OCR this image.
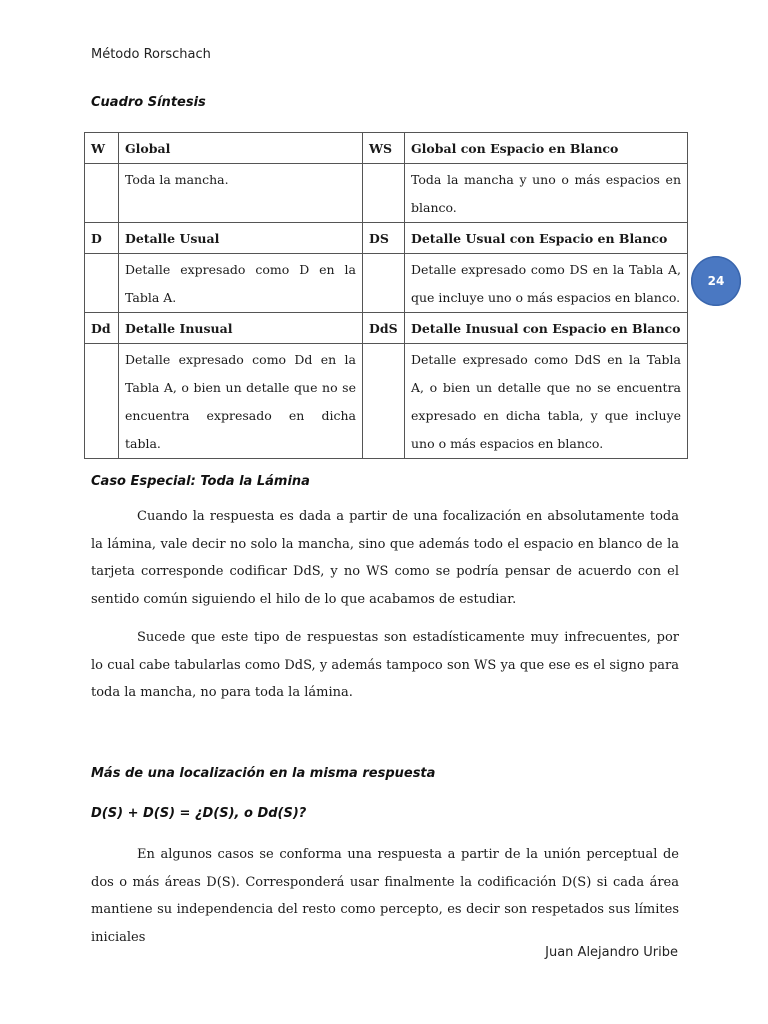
Método Rorschach
Cuadro Síntesis
24
W	Global	WS	Global con Espacio en Blanco
	Toda la mancha.		Toda la mancha y uno o más espacios en blanco.
D	Detalle Usual	DS	Detalle Usual con Espacio en Blanco
	Detalle expresado como D en la Tabla A.		Detalle expresado como DS en la Tabla A, que incluye uno o más espacios en blanco.
Dd	Detalle Inusual	DdS	Detalle Inusual con Espacio en Blanco
	Detalle expresado como Dd en la Tabla A, o bien un detalle que no se encuentra expresado en dicha tabla.		Detalle expresado como DdS en la Tabla A, o bien un detalle que no se encuentra expresado en dicha tabla, y que incluye uno o más espacios en blanco.
Caso Especial: Toda la Lámina

Cuando la respuesta es dada a partir de una focalización en absolutamente toda la lámina, vale decir no solo la mancha, sino que además todo el espacio en blanco de la tarjeta corresponde codificar DdS, y no WS como se podría pensar de acuerdo con el sentido común siguiendo el hilo de lo que acabamos de estudiar.

Sucede que este tipo de respuestas son estadísticamente muy infrecuentes, por lo cual cabe tabularlas como DdS, y además tampoco son WS ya que ese es el signo para toda la mancha, no para toda la lámina.

Más de una localización en la misma respuesta
D(S) + D(S) = ¿D(S), o Dd(S)?

En algunos casos se conforma una respuesta a partir de la unión perceptual de dos o más áreas D(S). Corresponderá usar finalmente la codificación D(S) si cada área mantiene su independencia del resto como percepto, es decir son respetados sus límites iniciales

Juan Alejandro Uribe
